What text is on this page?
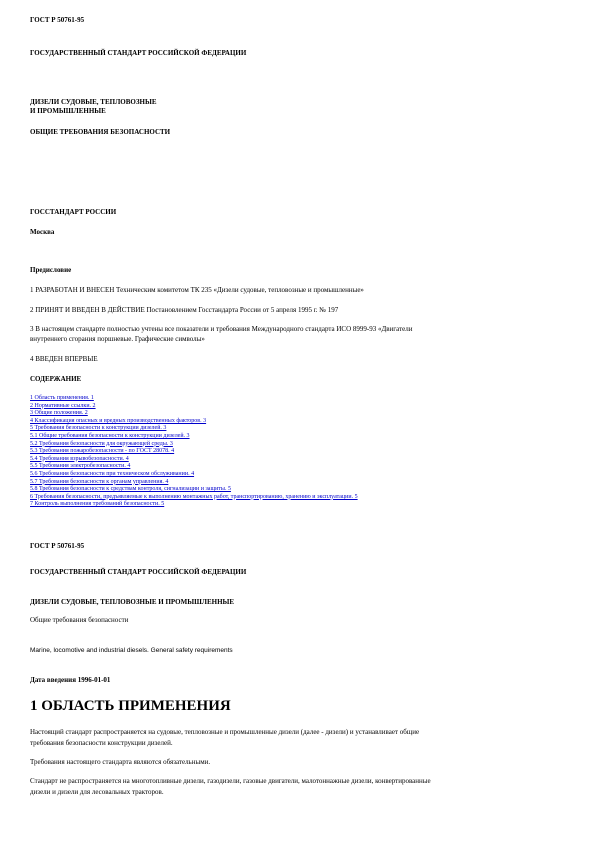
ГОСТ Р 50761-95
ГОСУДАРСТВЕННЫЙ СТАНДАРТ РОССИЙСКОЙ ФЕДЕРАЦИИ
ДИЗЕЛИ СУДОВЫЕ, ТЕПЛОВОЗНЫЕ
И ПРОМЫШЛЕННЫЕ
ОБЩИЕ ТРЕБОВАНИЯ БЕЗОПАСНОСТИ
ГОССТАНДАРТ РОССИИ
Москва
Предисловие
1 РАЗРАБОТАН И ВНЕСЕН Техническим комитетом ТК 235 «Дизели судовые, тепловозные и промышленные»
2 ПРИНЯТ И ВВЕДЕН В ДЕЙСТВИЕ Постановлением Госстандарта России от 5 апреля 1995 г. № 197
3 В настоящем стандарте полностью учтены все показатели и требования Международного стандарта ИСО 8999-93 «Двигатели
внутреннего сгорания поршневые. Графические символы»
4 ВВЕДЕН ВПЕРВЫЕ
СОДЕРЖАНИЕ
1 Область применения. 1
2 Нормативные ссылки. 2
3 Общие положения. 2
4 Классификация опасных и вредных производственных факторов. 3
5 Требования безопасности к конструкции дизелей. 3
5.1 Общие требования безопасности к конструкции дизелей. 3
5.2 Требования безопасности для окружающей среды. 3
5.3 Требования пожаробезопасности - по ГОСТ 28078. 4
5.4 Требования взрывобезопасности. 4
5.5 Требования электробезопасности. 4
5.6 Требования безопасности при техническом обслуживании. 4
5.7 Требования безопасности к органам управления. 4
5.8 Требования безопасности к средствам контроля, сигнализации и защиты. 5
6 Требования безопасности, предъявляемые к выполнению монтажных работ, транспортированию, хранению и эксплуатации. 5
7 Контроль выполнения требований безопасности. 5
ГОСТ Р 50761-95
ГОСУДАРСТВЕННЫЙ СТАНДАРТ РОССИЙСКОЙ ФЕДЕРАЦИИ
ДИЗЕЛИ СУДОВЫЕ, ТЕПЛОВОЗНЫЕ И ПРОМЫШЛЕННЫЕ
Общие требования безопасности
Marine, locomotive and industrial diesels. General safety requirements
Дата введения 1996-01-01
1 ОБЛАСТЬ ПРИМЕНЕНИЯ
Настоящий стандарт распространяется на судовые, тепловозные и промышленные дизели (далее - дизели) и устанавливает общие
требования безопасности конструкции дизелей.
Требования настоящего стандарта являются обязательными.
Стандарт не распространяется на многотопливные дизели, газодизели, газовые двигатели, малотоннажные дизели, конвертированные
дизели и дизели для лесовальных тракторов.
